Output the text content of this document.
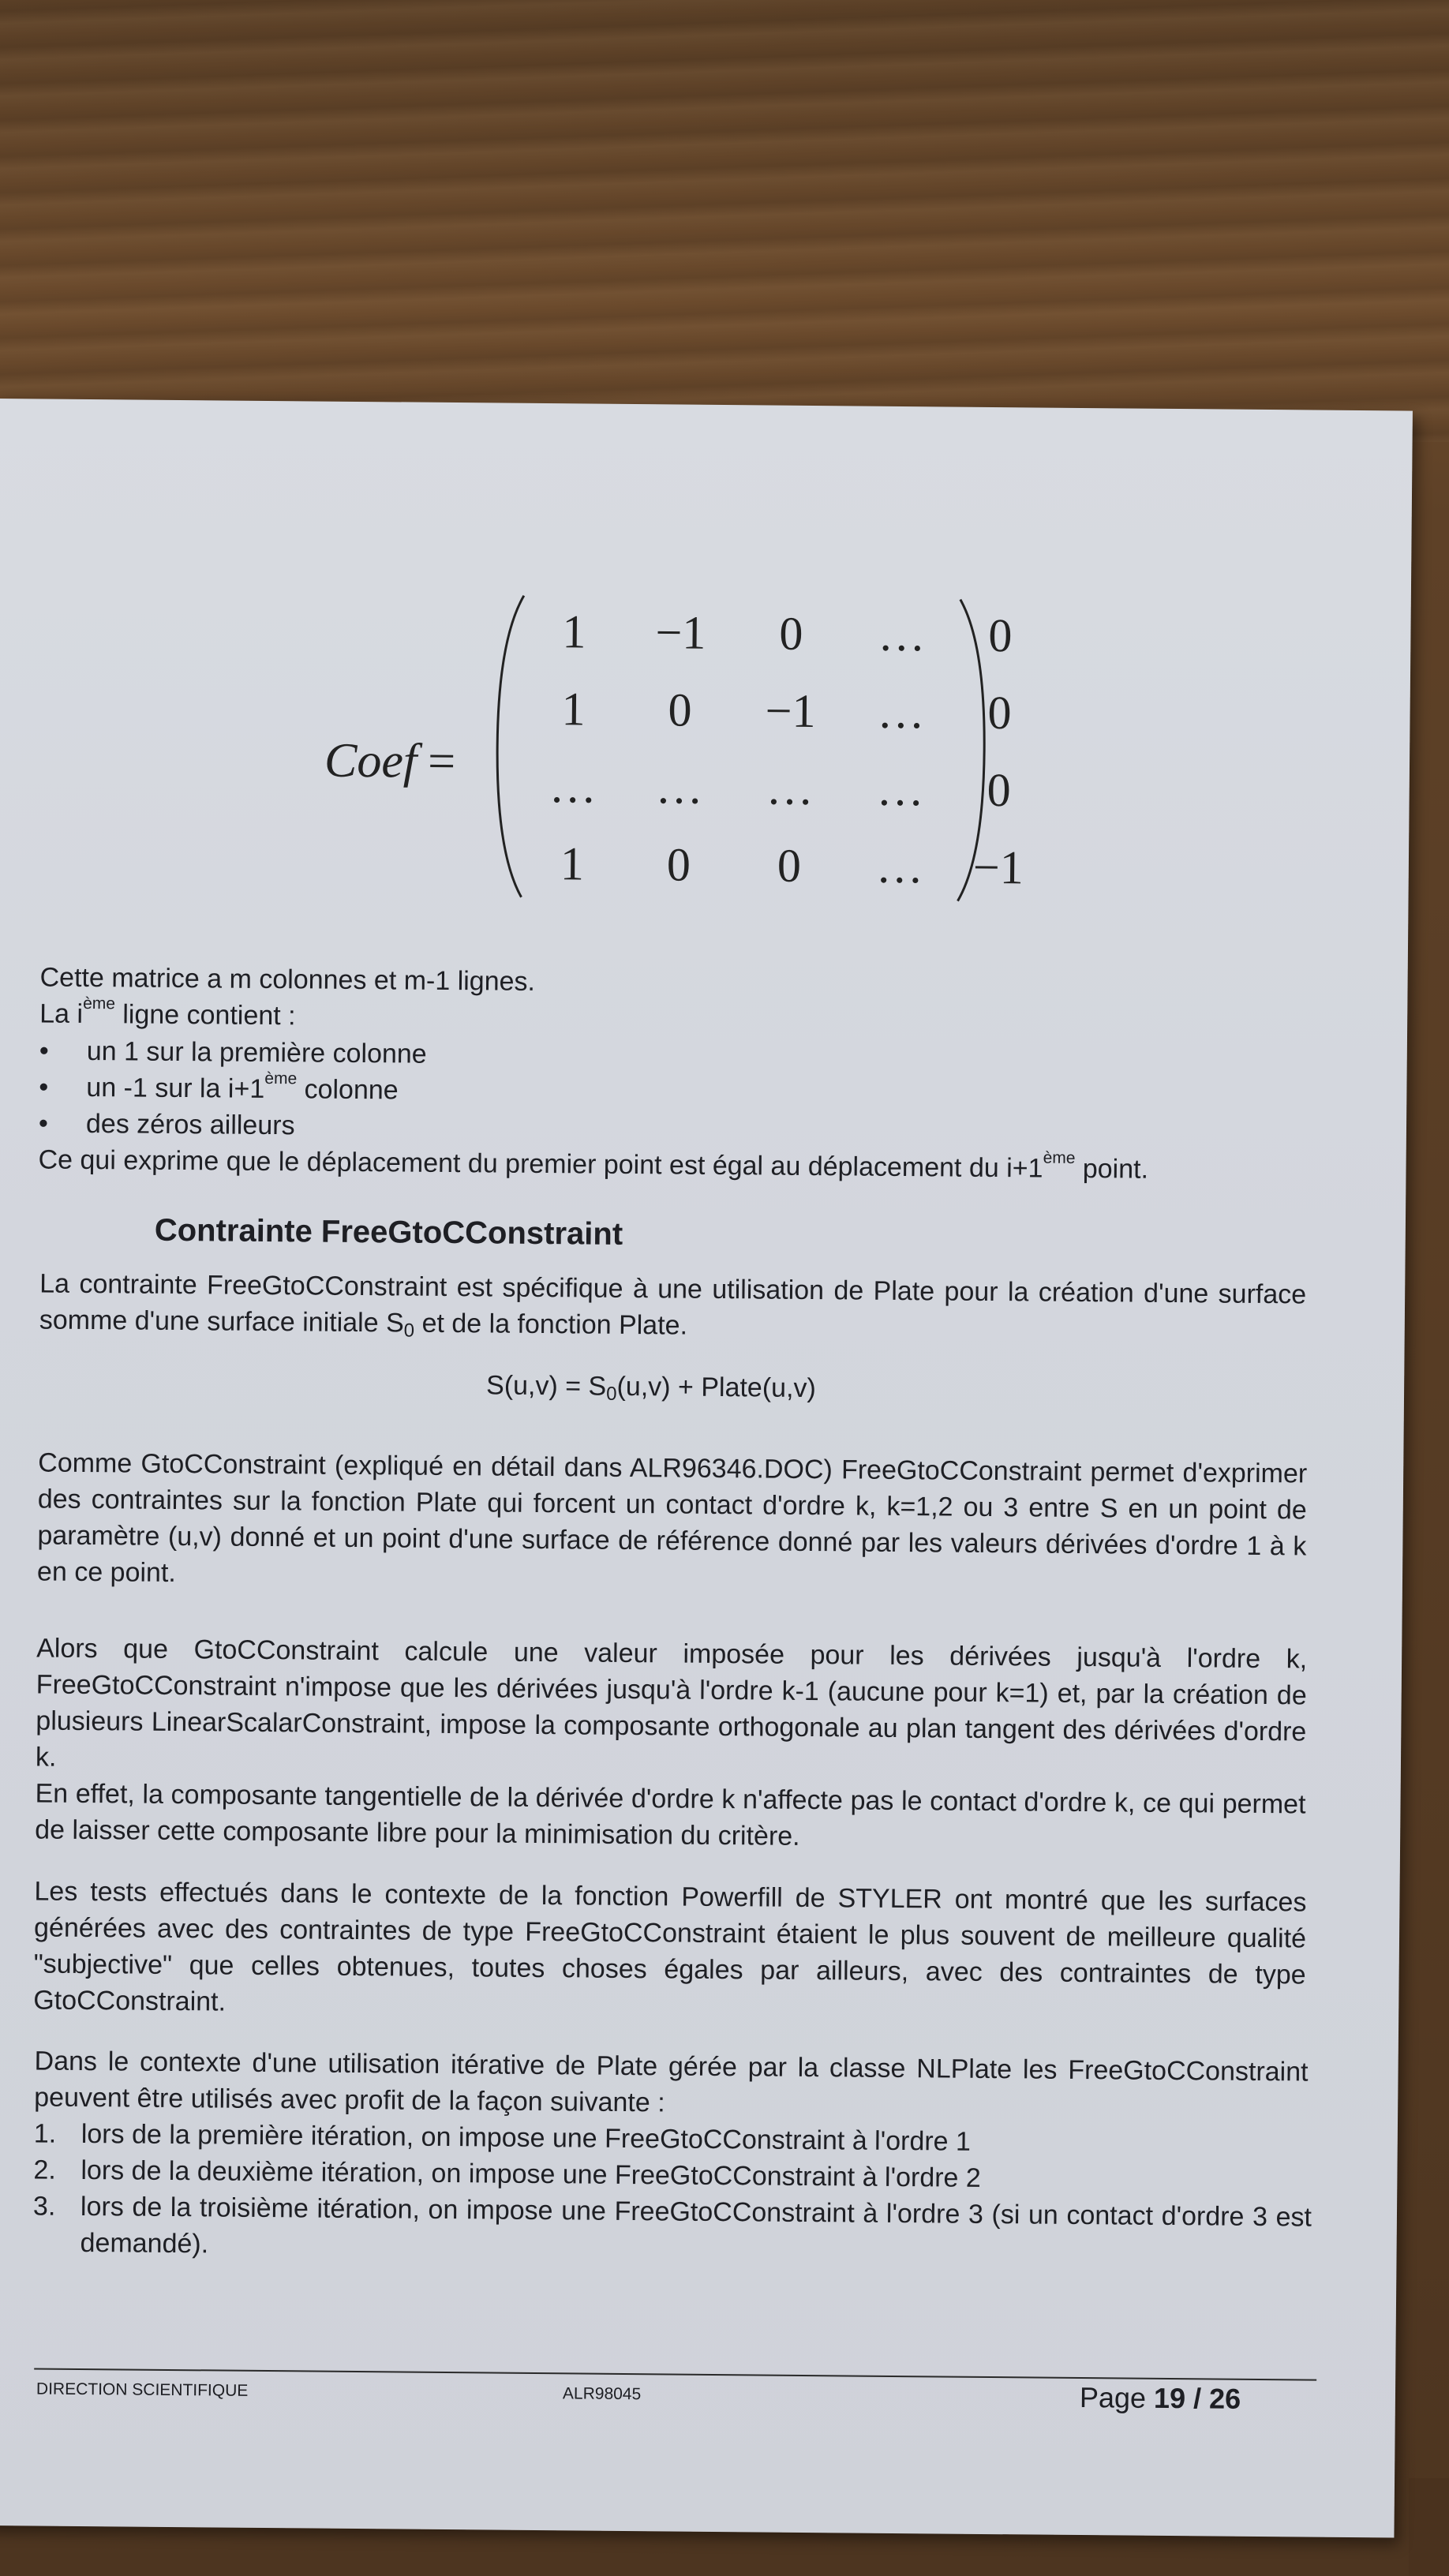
Coef =
1 −1 0 … 0
1 0 −1 … 0
… … … … 0
1 0 0 … −1
Cette matrice a m colonnes et m-1 lignes.
La $i^{ème}$ ligne contient :
• un 1 sur la première colonne
• un -1 sur la i+1ème colonne
• des zéros ailleurs
Ce qui exprime que le déplacement du premier point est égal au déplacement du i+1ème point.
Contrainte FreeGtoCConstraint
La contrainte FreeGtoCConstraint est spécifique à une utilisation de Plate pour la création d'une surface somme d'une surface initiale $S_0$ et de la fonction Plate.
$S(u,v) = S_0(u,v)$ + Plate(u,v)
Comme GtoCConstraint (expliqué en détail dans ALR96346.DOC) FreeGtoCConstraint permet d'exprimer des contraintes sur la fonction Plate qui forcent un contact d'ordre k, k=1,2 ou 3 entre S en un point de paramètre (u,v) donné et un point d'une surface de référence donné par les valeurs dérivées d'ordre 1 à k en ce point.
Alors que GtoCConstraint calcule une valeur imposée pour les dérivées jusqu'à l'ordre k, FreeGtoCConstraint n'impose que les dérivées jusqu'à l'ordre k-1 (aucune pour k=1) et, par la création de plusieurs LinearScalarConstraint, impose la composante orthogonale au plan tangent des dérivées d'ordre k.
En effet, la composante tangentielle de la dérivée d'ordre k n'affecte pas le contact d'ordre k, ce qui permet de laisser cette composante libre pour la minimisation du critère.
Les tests effectués dans le contexte de la fonction Powerfill de STYLER ont montré que les surfaces générées avec des contraintes de type FreeGtoCConstraint étaient le plus souvent de meilleure qualité "subjective" que celles obtenues, toutes choses égales par ailleurs, avec des contraintes de type GtoCConstraint.
Dans le contexte d'une utilisation itérative de Plate gérée par la classe NLPlate les FreeGtoCConstraint peuvent être utilisés avec profit de la façon suivante :
1. lors de la première itération, on impose une FreeGtoCConstraint à l'ordre 1
2. lors de la deuxième itération, on impose une FreeGtoCConstraint à l'ordre 2
3. lors de la troisième itération, on impose une FreeGtoCConstraint à l'ordre 3 (si un contact d'ordre 3 est demandé).
DIRECTION SCIENTIFIQUE	ALR98045	Page 19 / 26
